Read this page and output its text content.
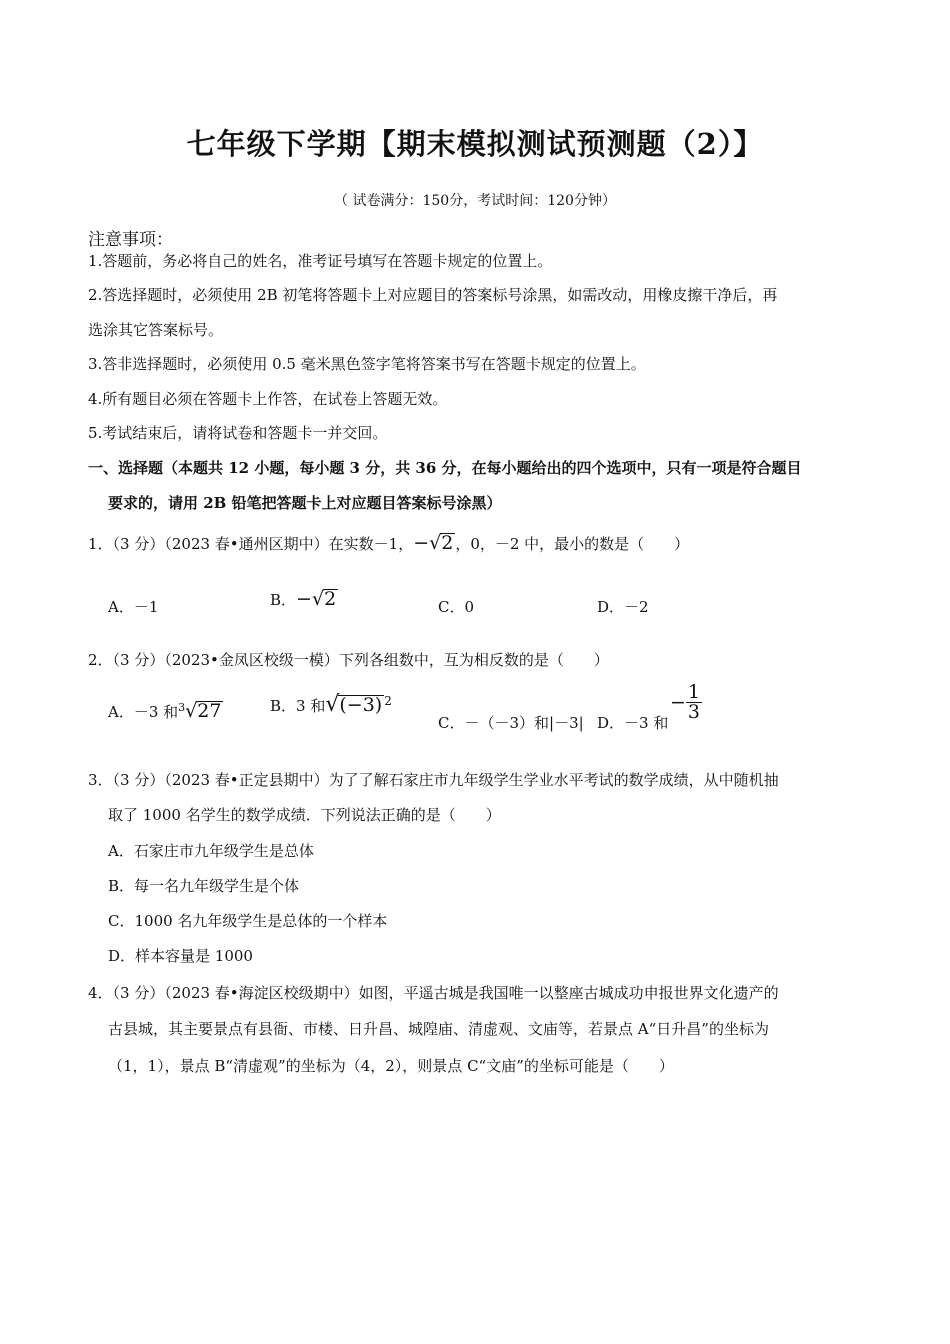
七年级下学期【期末模拟测试预测题（2）】
（ 试卷满分：150分，考试时间：120分钟）
注意事项：
1.答题前，务必将自己的姓名，准考证号填写在答题卡规定的位置上。
2.答选择题时，必须使用 2B 初笔将答题卡上对应题目的答案标号涂黑，如需改动，用橡皮擦干净后，再
选涂其它答案标号。
3.答非选择题时，必须使用 0.5 毫米黑色签字笔将答案书写在答题卡规定的位置上。
4.所有题目必须在答题卡上作答，在试卷上答题无效。
5.考试结束后，请将试卷和答题卡一并交回。
一、选择题（本题共 12 小题，每小题 3 分，共 36 分，在每小题给出的四个选项中，只有一项是符合题目
要求的，请用 2B 铅笔把答题卡上对应题目答案标号涂黑）
1．（3 分）（2023 春•通州区期中）在实数－1，−√2 ，0，－2 中，最小的数是（　　）
A．－1	B．−√2	C．0	D．－2
2．（3 分）（2023•金凤区校级一模）下列各组数中，互为相反数的是（　　）
A．－3 和$^3$√27	B．3 和√(−3) $^2$
C．－（－3）和|－3| D．－3 和
− $\frac{1}{3}$
3．（3 分）（2023 春•正定县期中）为了了解石家庄市九年级学生学业水平考试的数学成绩，从中随机抽
取了 1000 名学生的数学成绩．下列说法正确的是（　　）
A．石家庄市九年级学生是总体
B．每一名九年级学生是个体
C．1000 名九年级学生是总体的一个样本
D．样本容量是 1000
4．（3 分）（2023 春•海淀区校级期中）如图，平遥古城是我国唯一以整座古城成功申报世界文化遗产的
古县城，其主要景点有县衙、市楼、日升昌、城隍庙、清虚观、文庙等，若景点 A“日升昌”的坐标为
（1，1），景点 B“清虚观”的坐标为（4，2），则景点 C“文庙”的坐标可能是（　　）
